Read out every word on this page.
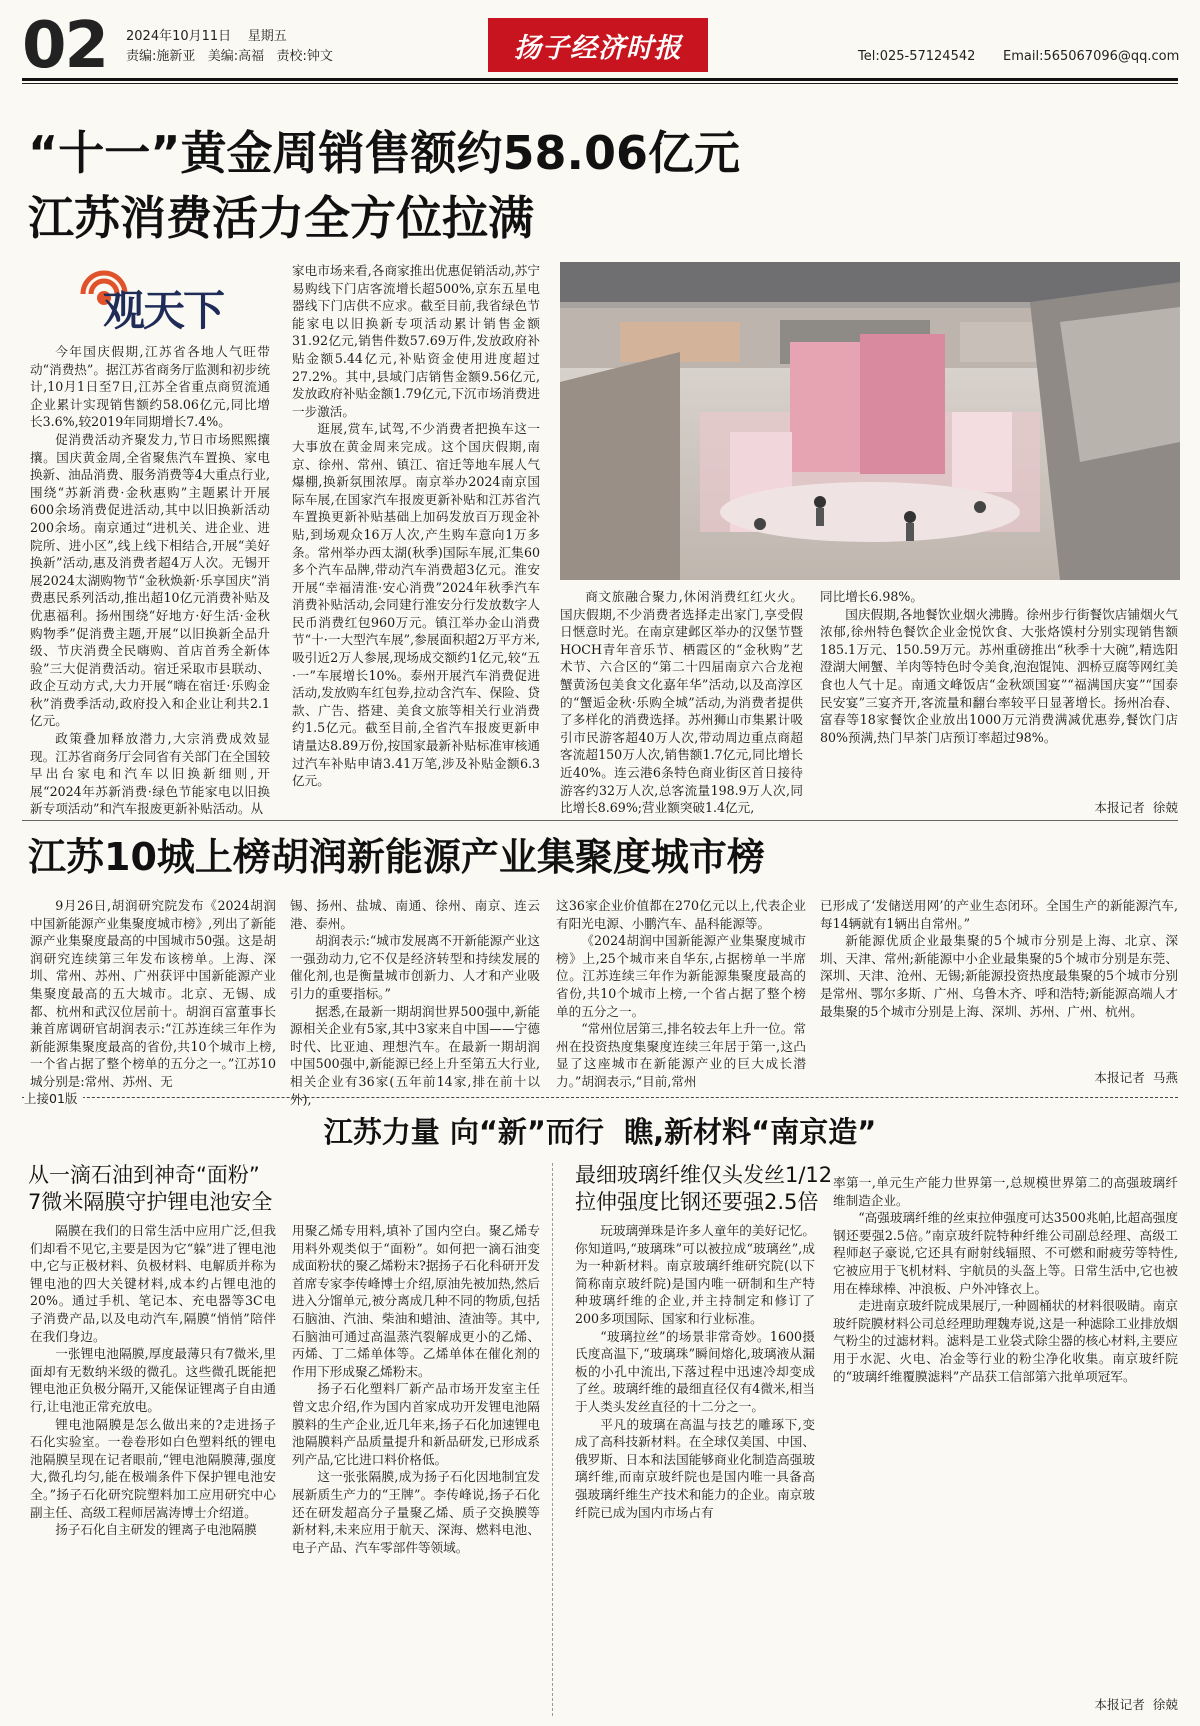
02 2024年10月11日 星期五
责编:施新亚   美编:高福   责校:钟文	扬子经济时报	Tel:025-57124542 Email:565067096@qq.com
“十一”黄金周销售额约58.06亿元
江苏消费活力全方位拉满
观天下

今年国庆假期,江苏省各地人气旺带动“消费热”。据江苏省商务厅监测和初步统计,10月1日至7日,江苏全省重点商贸流通企业累计实现销售额约58.06亿元,同比增长3.6%,较2019年同期增长7.4%。

促消费活动齐聚发力,节日市场熙熙攘攘。国庆黄金周,全省聚焦汽车置换、家电换新、油品消费、服务消费等4大重点行业,围绕“苏新消费·金秋惠购”主题累计开展600余场消费促进活动,其中以旧换新活动200余场。南京通过“进机关、进企业、进院所、进小区”,线上线下相结合,开展“美好换新”活动,惠及消费者超4万人次。无锡开展2024太湖购物节“金秋焕新·乐享国庆”消费惠民系列活动,推出超10亿元消费补贴及优惠福利。扬州围绕“好地方·好生活·金秋购物季”促消费主题,开展“以旧换新全品升级、节庆消费全民嗨购、首店首秀全新体验”三大促消费活动。宿迁采取市县联动、政企互动方式,大力开展“嗨在宿迁·乐购金秋”消费季活动,政府投入和企业让利共2.1亿元。

政策叠加释放潜力,大宗消费成效显现。江苏省商务厅会同省有关部门在全国较早出台家电和汽车以旧换新细则,开展“2024年苏新消费·绿色节能家电以旧换新专项活动”和汽车报废更新补贴活动。从

家电市场来看,各商家推出优惠促销活动,苏宁易购线下门店客流增长超500%,京东五星电器线下门店供不应求。截至目前,我省绿色节能家电以旧换新专项活动累计销售金额31.92亿元,销售件数57.69万件,发放政府补贴金额5.44亿元,补贴资金使用进度超过27.2%。其中,县域门店销售金额9.56亿元,发放政府补贴金额1.79亿元,下沉市场消费进一步激活。

逛展,赏车,试驾,不少消费者把换车这一大事放在黄金周来完成。这个国庆假期,南京、徐州、常州、镇江、宿迁等地车展人气爆棚,换新氛围浓厚。南京举办2024南京国际车展,在国家汽车报废更新补贴和江苏省汽车置换更新补贴基础上加码发放百万现金补贴,到场观众16万人次,产生购车意向1万多条。常州举办西太湖(秋季)国际车展,汇集60多个汽车品牌,带动汽车消费超3亿元。淮安开展“幸福清淮·安心消费”2024年秋季汽车消费补贴活动,会同建行淮安分行发放数字人民币消费红包960万元。镇江举办金山消费节“十·一大型汽车展”,参展面积超2万平方米,吸引近2万人参展,现场成交额约1亿元,较“五·一”车展增长10%。泰州开展汽车消费促进活动,发放购车红包券,拉动含汽车、保险、贷款、广告、搭建、美食文旅等相关行业消费约1.5亿元。截至目前,全省汽车报废更新申请量达8.89万份,按国家最新补贴标准审核通过汽车补贴申请3.41万笔,涉及补贴金额6.3亿元。

商文旅融合聚力,休闲消费红红火火。国庆假期,不少消费者选择走出家门,享受假日惬意时光。在南京建邺区举办的汉堡节暨HOCH青年音乐节、栖霞区的“金秋购”艺术节、六合区的“第二十四届南京六合龙袍蟹黄汤包美食文化嘉年华”活动,以及高淳区的“蟹逅金秋·乐购全城”活动,为消费者提供了多样化的消费选择。苏州狮山市集累计吸引市民游客超40万人次,带动周边重点商超客流超150万人次,销售额1.7亿元,同比增长近40%。连云港6条特色商业街区首日接待游客约32万人次,总客流量198.9万人次,同比增长8.69%;营业额突破1.4亿元,

同比增长6.98%。

国庆假期,各地餐饮业烟火沸腾。徐州步行街餐饮店铺烟火气浓郁,徐州特色餐饮企业金悦饮食、大张烙馍村分别实现销售额185.1万元、150.59万元。苏州重磅推出“秋季十大碗”,精选阳澄湖大闸蟹、羊肉等特色时令美食,泡泡馄饨、泗桥豆腐等网红美食也人气十足。南通文峰饭店“金秋颂国宴”“福满国庆宴”“国泰民安宴”三宴齐开,客流量和翻台率较平日显著增长。扬州冶春、富春等18家餐饮企业放出1000万元消费满减优惠券,餐饮门店80%预满,热门早茶门店预订率超过98%。

本报记者  徐兢
江苏10城上榜胡润新能源产业集聚度城市榜

9月26日,胡润研究院发布《2024胡润中国新能源产业集聚度城市榜》,列出了新能源产业集聚度最高的中国城市50强。这是胡润研究连续第三年发布该榜单。上海、深圳、常州、苏州、广州获评中国新能源产业集聚度最高的五大城市。北京、无锡、成都、杭州和武汉位居前十。胡润百富董事长兼首席调研官胡润表示:“江苏连续三年作为新能源集聚度最高的省份,共10个城市上榜,一个省占据了整个榜单的五分之一。”江苏10城分别是:常州、苏州、无

锡、扬州、盐城、南通、徐州、南京、连云港、泰州。

胡润表示:“城市发展离不开新能源产业这一强劲动力,它不仅是经济转型和持续发展的催化剂,也是衡量城市创新力、人才和产业吸引力的重要指标。”

据悉,在最新一期胡润世界500强中,新能源相关企业有5家,其中3家来自中国——宁德时代、比亚迪、理想汽车。在最新一期胡润中国500强中,新能源已经上升至第五大行业,相关企业有36家(五年前14家,排在前十以外),

这36家企业价值都在270亿元以上,代表企业有阳光电源、小鹏汽车、晶科能源等。

《2024胡润中国新能源产业集聚度城市榜》上,25个城市来自华东,占据榜单一半席位。江苏连续三年作为新能源集聚度最高的省份,共10个城市上榜,一个省占据了整个榜单的五分之一。

“常州位居第三,排名较去年上升一位。常州在投资热度集聚度连续三年居于第一,这凸显了这座城市在新能源产业的巨大成长潜力。”胡润表示,“目前,常州

已形成了‘发储送用网’的产业生态闭环。全国生产的新能源汽车,每14辆就有1辆出自常州。”

新能源优质企业最集聚的5个城市分别是上海、北京、深圳、天津、常州;新能源中小企业最集聚的5个城市分别是东莞、深圳、天津、沧州、无锡;新能源投资热度最集聚的5个城市分别是常州、鄂尔多斯、广州、乌鲁木齐、呼和浩特;新能源高端人才最集聚的5个城市分别是上海、深圳、苏州、广州、杭州。

本报记者  马燕
上接01版
江苏力量 向“新”而行  瞧,新材料“南京造”
从一滴石油到神奇“面粉”
7微米隔膜守护锂电池安全

隔膜在我们的日常生活中应用广泛,但我们却看不见它,主要是因为它“躲”进了锂电池中,它与正极材料、负极材料、电解质并称为锂电池的四大关键材料,成本约占锂电池的20%。通过手机、笔记本、充电器等3C电子消费产品,以及电动汽车,隔膜“悄悄”陪伴在我们身边。

一张锂电池隔膜,厚度最薄只有7微米,里面却有无数纳米级的微孔。这些微孔既能把锂电池正负极分隔开,又能保证锂离子自由通行,让电池正常充放电。

锂电池隔膜是怎么做出来的?走进扬子石化实验室。一卷卷形如白色塑料纸的锂电池隔膜呈现在记者眼前,“锂电池隔膜薄,强度大,微孔均匀,能在极端条件下保护锂电池安全。”扬子石化研究院塑料加工应用研究中心副主任、高级工程师居嵩涛博士介绍道。

扬子石化自主研发的锂离子电池隔膜

用聚乙烯专用料,填补了国内空白。聚乙烯专用料外观类似于“面粉”。如何把一滴石油变成面粉状的聚乙烯粉末?据扬子石化科研开发首席专家李传峰博士介绍,原油先被加热,然后进入分馏单元,被分离成几种不同的物质,包括石脑油、汽油、柴油和蜡油、渣油等。其中,石脑油可通过高温蒸汽裂解成更小的乙烯、丙烯、丁二烯单体等。乙烯单体在催化剂的作用下形成聚乙烯粉末。

扬子石化塑料厂新产品市场开发室主任曾文忠介绍,作为国内首家成功开发锂电池隔膜料的生产企业,近几年来,扬子石化加速锂电池隔膜料产品质量提升和新品研发,已形成系列产品,它比进口料价格低。

这一张张隔膜,成为扬子石化因地制宜发展新质生产力的“王牌”。李传峰说,扬子石化还在研发超高分子量聚乙烯、质子交换膜等新材料,未来应用于航天、深海、燃料电池、电子产品、汽车零部件等领域。

最细玻璃纤维仅头发丝1/12
拉伸强度比钢还要强2.5倍

玩玻璃弹珠是许多人童年的美好记忆。你知道吗,“玻璃珠”可以被拉成“玻璃丝”,成为一种新材料。南京玻璃纤维研究院(以下简称南京玻纤院)是国内唯一研制和生产特种玻璃纤维的企业,并主持制定和修订了200多项国际、国家和行业标准。

“玻璃拉丝”的场景非常奇妙。1600摄氏度高温下,“玻璃珠”瞬间熔化,玻璃液从漏板的小孔中流出,下落过程中迅速冷却变成了丝。玻璃纤维的最细直径仅有4微米,相当于人类头发丝直径的十二分之一。

平凡的玻璃在高温与技艺的雕琢下,变成了高科技新材料。在全球仅美国、中国、俄罗斯、日本和法国能够商业化制造高强玻璃纤维,而南京玻纤院也是国内唯一具备高强玻璃纤维生产技术和能力的企业。南京玻纤院已成为国内市场占有

率第一,单元生产能力世界第一,总规模世界第二的高强玻璃纤维制造企业。

“高强玻璃纤维的丝束拉伸强度可达3500兆帕,比超高强度钢还要强2.5倍。”南京玻纤院特种纤维公司副总经理、高级工程师赵子豪说,它还具有耐射线辐照、不可燃和耐疲劳等特性,它被应用于飞机材料、宇航员的头盔上等。日常生活中,它也被用在棒球棒、冲浪板、户外冲锋衣上。

走进南京玻纤院成果展厅,一种圆桶状的材料很吸睛。南京玻纤院膜材料公司总经理助理魏寿说,这是一种滤除工业排放烟气粉尘的过滤材料。滤料是工业袋式除尘器的核心材料,主要应用于水泥、火电、冶金等行业的粉尘净化收集。南京玻纤院的“玻璃纤维覆膜滤料”产品获工信部第六批单项冠军。

本报记者  徐兢
